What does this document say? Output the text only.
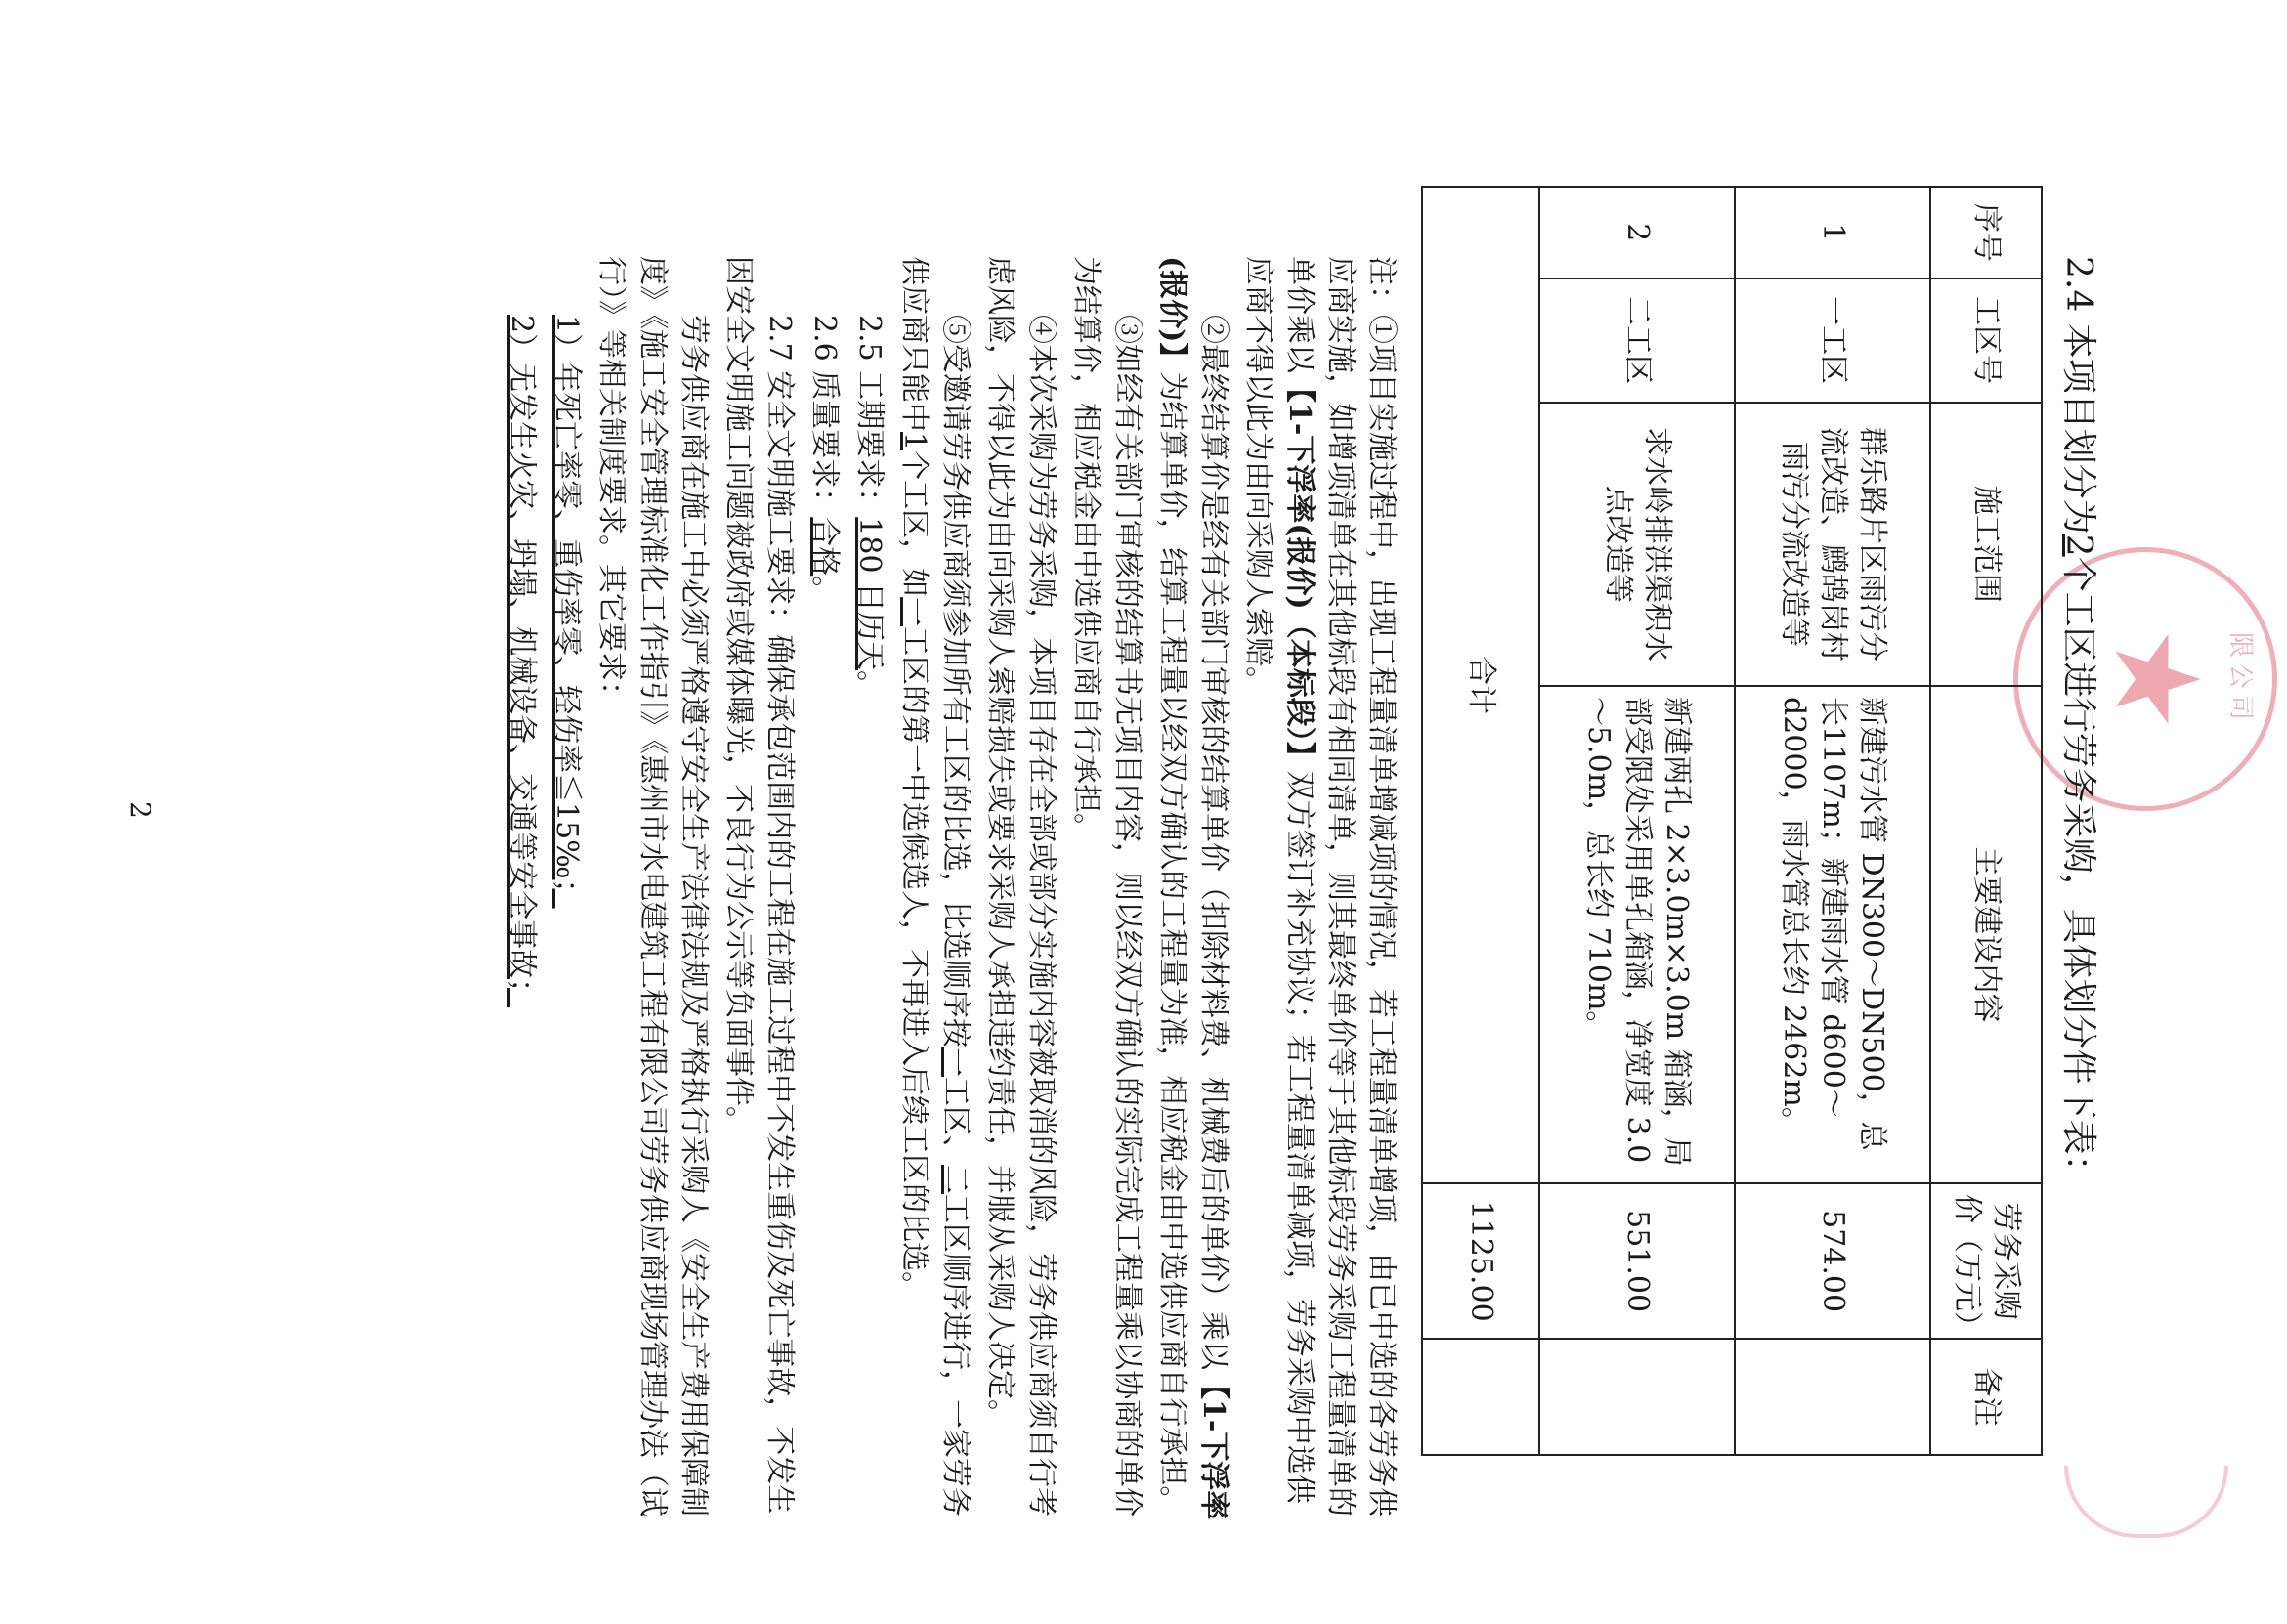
限公司
★
2.4 本项目划分为2个工区进行劳务采购，具体划分件下表：
序号	工区号	施工范围	主要建设内容	劳务采购价（万元）	备注
1	一工区	群乐路片区雨污分流改造、鹧鸪岗村雨污分流改造等	新建污水管 DN300～DN500，总长1107m；新建雨水管 d600～d2000，雨水管总长约 2462m。	574.00	
2	二工区	求水岭排洪渠积水点改造等	新建两孔 2×3.0m×3.0m 箱涵，局部受限处采用单孔箱涵，净宽度 3.0～5.0m，总长约 710m。	551.00	
合计				1125.00	
注：①项目实施过程中，出现工程量清单增减项的情况，若工程量清单增项，由已中选的各劳务供应商实施，如增项清单在其他标段有相同清单，则其最终单价等于其他标段劳务采购工程量清单的单价乘以【1-下浮率(报价)（本标段）】双方签订补充协议；若工程量清单减项，劳务采购中选供应商不得以此为由向采购人索赔。
②最终结算价是经有关部门审核的结算单价（扣除材料费、机械费后的单价）乘以【1-下浮率(报价)】为结算单价，结算工程量以经双方确认的工程量为准，相应税金由中选供应商自行承担。
③如经有关部门审核的结算书无项目内容，则以经双方确认的实际完成工程量乘以协商的单价为结算价，相应税金由中选供应商自行承担。
④本次采购为劳务采购，本项目存在全部或部分实施内容被取消的风险，劳务供应商须自行考虑风险，不得以此为由向采购人索赔损失或要求采购人承担违约责任，并服从采购人决定。
⑤受邀请劳务供应商须参加所有工区的比选，比选顺序按一工区、二工区顺序进行，一家劳务供应商只能中1个工区，如一工区的第一中选候选人，不再进入后续工区的比选。
2.5 工期要求：180 日历天。
2.6 质量要求：合格。
2.7 安全文明施工要求：确保承包范围内的工程在施工过程中不发生重伤及死亡事故，不发生因安全文明施工问题被政府或媒体曝光，不良行为公示等负面事件。
劳务供应商在施工中必须严格遵守安全生产法律法规及严格执行采购人《安全生产费用保障制度》《施工安全管理标准化工作指引》《惠州市水电建筑工程有限公司劳务供应商现场管理办法（试行）》等相关制度要求。其它要求：
1）年死亡率零、重伤率零、轻伤率≦15‰；
2）无发生火灾、坍塌、机械设备、交通等安全事故；
2
